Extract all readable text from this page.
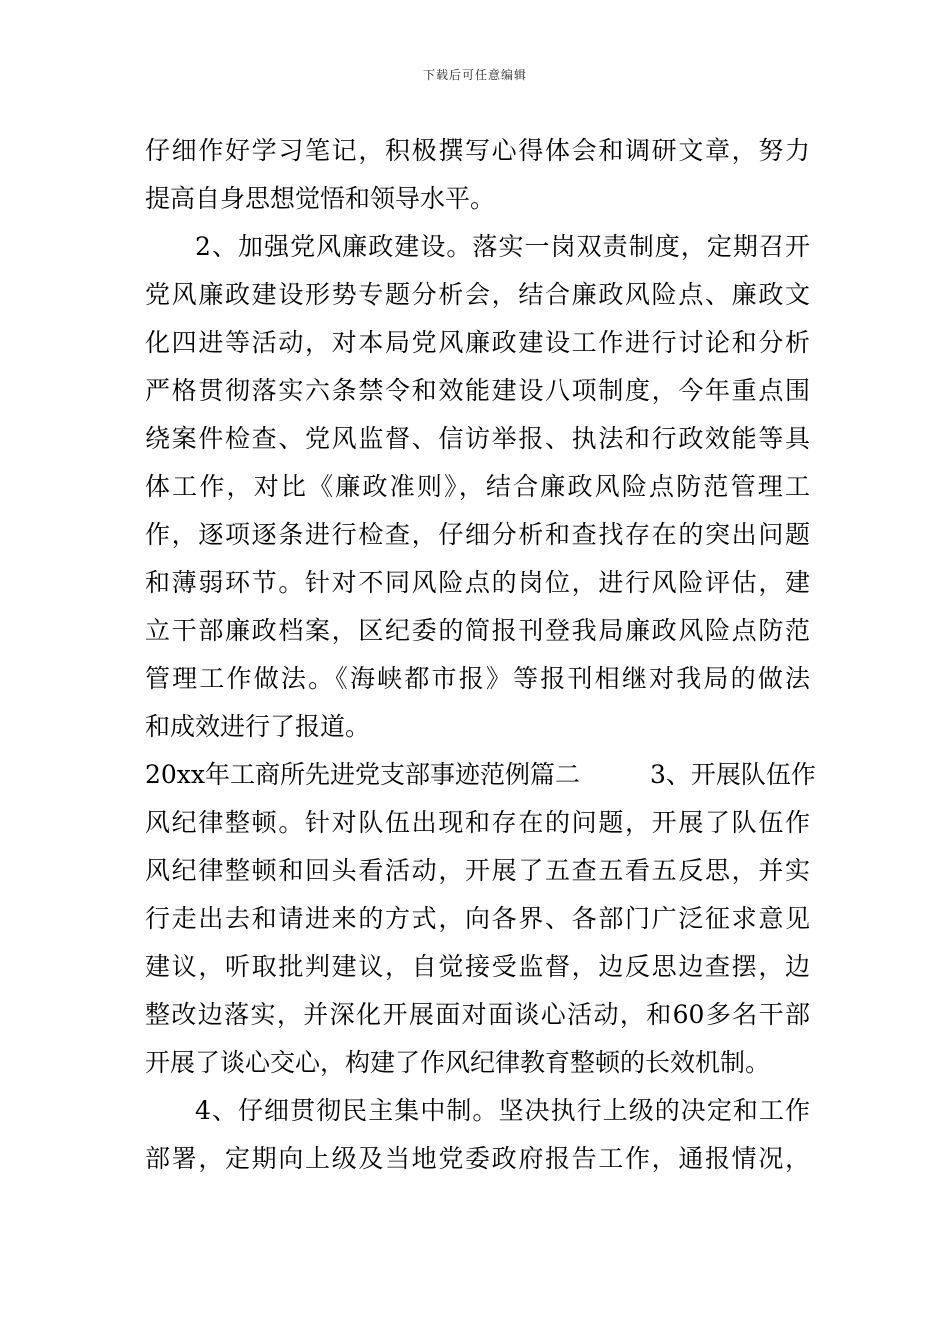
下载后可任意编辑
仔细作好学习笔记，积极撰写心得体会和调研文章，努力
提高自身思想觉悟和领导水平。
2、加强党风廉政建设。落实一岗双责制度，定期召开
党风廉政建设形势专题分析会，结合廉政风险点、廉政文
化四进等活动，对本局党风廉政建设工作进行讨论和分析
严格贯彻落实六条禁令和效能建设八项制度，今年重点围
绕案件检查、党风监督、信访举报、执法和行政效能等具
体工作，对比《廉政准则》，结合廉政风险点防范管理工
作，逐项逐条进行检查，仔细分析和查找存在的突出问题
和薄弱环节。针对不同风险点的岗位，进行风险评估，建
立干部廉政档案，区纪委的简报刊登我局廉政风险点防范
管理工作做法。《海峡都市报》等报刊相继对我局的做法
和成效进行了报道。
20xx年工商所先进党支部事迹范例篇二	3、开展队伍作
风纪律整顿。针对队伍出现和存在的问题，开展了队伍作
风纪律整顿和回头看活动，开展了五查五看五反思，并实
行走出去和请进来的方式，向各界、各部门广泛征求意见
建议，听取批判建议，自觉接受监督，边反思边查摆，边
整改边落实，并深化开展面对面谈心活动，和60多名干部
开展了谈心交心，构建了作风纪律教育整顿的长效机制。
4、仔细贯彻民主集中制。坚决执行上级的决定和工作
部署，定期向上级及当地党委政府报告工作，通报情况，
